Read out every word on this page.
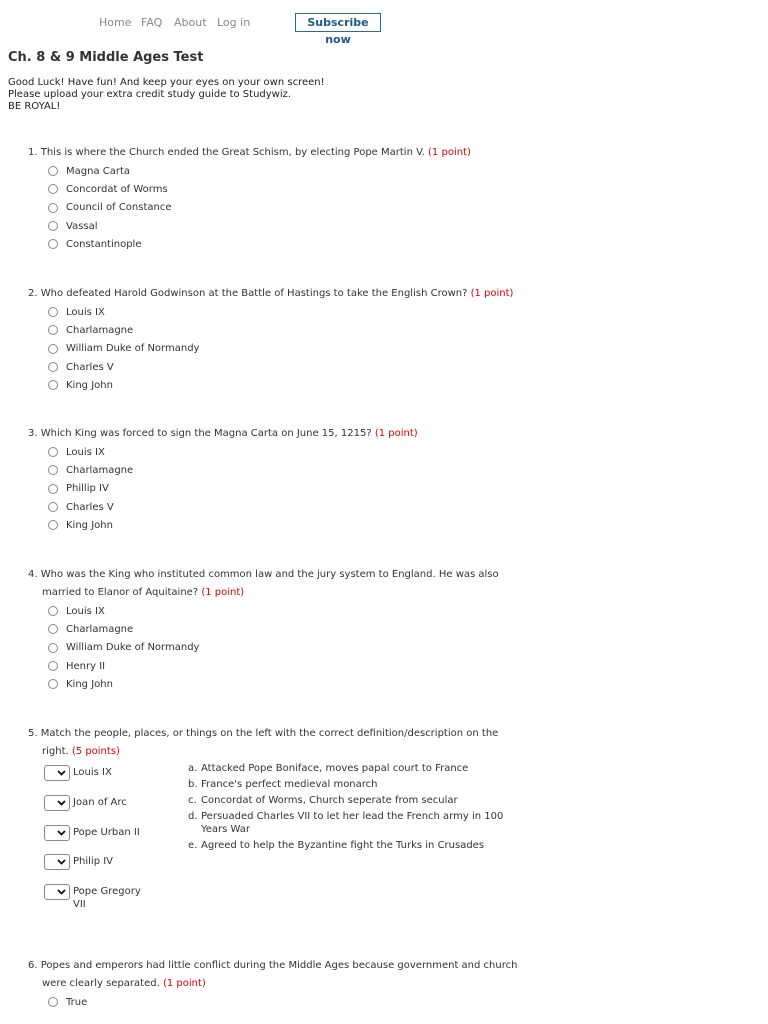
Home FAQ About Log in	Subscribe now
Ch. 8 & 9 Middle Ages Test
Good Luck! Have fun! And keep your eyes on your own screen!
Please upload your extra credit study guide to Studywiz.
BE ROYAL!
1. This is where the Church ended the Great Schism, by electing Pope Martin V. (1 point)
Magna Carta
Concordat of Worms
Council of Constance
Vassal
Constantinople
2. Who defeated Harold Godwinson at the Battle of Hastings to take the English Crown? (1 point)
Louis IX
Charlamagne
William Duke of Normandy
Charles V
King John
3. Which King was forced to sign the Magna Carta on June 15, 1215? (1 point)
Louis IX
Charlamagne
Phillip IV
Charles V
King John
4. Who was the King who instituted common law and the jury system to England. He was also married to Elanor of Aquitaine? (1 point)
Louis IX
Charlamagne
William Duke of Normandy
Henry II
King John
5. Match the people, places, or things on the left with the correct definition/description on the right. (5 points)
Louis IX
Joan of Arc
Pope Urban II
Philip IV
Pope Gregory VII
a. Attacked Pope Boniface, moves papal court to France
b. France's perfect medieval monarch
c. Concordat of Worms, Church seperate from secular
d. Persuaded Charles VII to let her lead the French army in 100 Years War
e. Agreed to help the Byzantine fight the Turks in Crusades
6. Popes and emperors had little conflict during the Middle Ages because government and church were clearly separated. (1 point)
True
